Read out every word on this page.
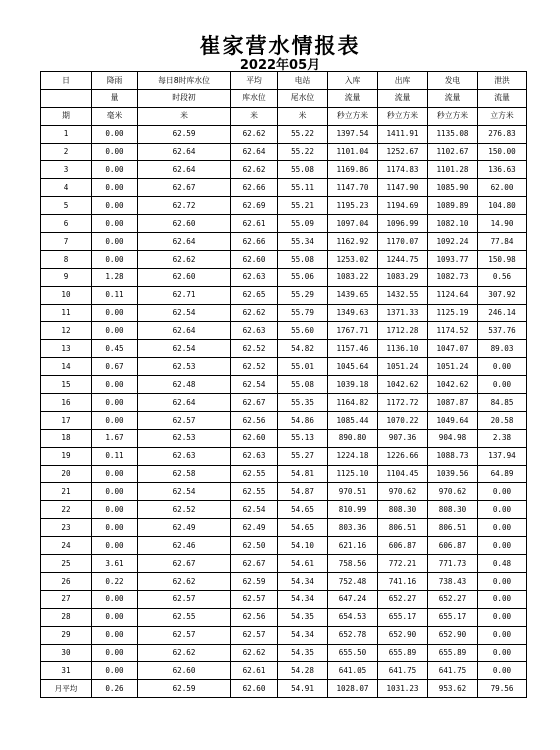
崔家营水情报表
2022年05月
日	降雨	每日8时库水位	平均	电站	入库	出库	发电	泄洪
	量	时段初	库水位	尾水位	流量	流量	流量	流量
期	毫米	米	米	米	秒立方米	秒立方米	秒立方米	立方米
1	0.00	62.59	62.62	55.22	1397.54	1411.91	1135.08	276.83
2	0.00	62.64	62.64	55.22	1101.04	1252.67	1102.67	150.00
3	0.00	62.64	62.62	55.08	1169.86	1174.83	1101.28	136.63
4	0.00	62.67	62.66	55.11	1147.70	1147.90	1085.90	62.00
5	0.00	62.72	62.69	55.21	1195.23	1194.69	1089.89	104.80
6	0.00	62.60	62.61	55.09	1097.04	1096.99	1082.10	14.90
7	0.00	62.64	62.66	55.34	1162.92	1170.07	1092.24	77.84
8	0.00	62.62	62.60	55.08	1253.02	1244.75	1093.77	150.98
9	1.28	62.60	62.63	55.06	1083.22	1083.29	1082.73	0.56
10	0.11	62.71	62.65	55.29	1439.65	1432.55	1124.64	307.92
11	0.00	62.54	62.62	55.79	1349.63	1371.33	1125.19	246.14
12	0.00	62.64	62.63	55.60	1767.71	1712.28	1174.52	537.76
13	0.45	62.54	62.52	54.82	1157.46	1136.10	1047.07	89.03
14	0.67	62.53	62.52	55.01	1045.64	1051.24	1051.24	0.00
15	0.00	62.48	62.54	55.08	1039.18	1042.62	1042.62	0.00
16	0.00	62.64	62.67	55.35	1164.82	1172.72	1087.87	84.85
17	0.00	62.57	62.56	54.86	1085.44	1070.22	1049.64	20.58
18	1.67	62.53	62.60	55.13	890.80	907.36	904.98	2.38
19	0.11	62.63	62.63	55.27	1224.18	1226.66	1088.73	137.94
20	0.00	62.58	62.55	54.81	1125.10	1104.45	1039.56	64.89
21	0.00	62.54	62.55	54.87	970.51	970.62	970.62	0.00
22	0.00	62.52	62.54	54.65	810.99	808.30	808.30	0.00
23	0.00	62.49	62.49	54.65	803.36	806.51	806.51	0.00
24	0.00	62.46	62.50	54.10	621.16	606.87	606.87	0.00
25	3.61	62.67	62.67	54.61	758.56	772.21	771.73	0.48
26	0.22	62.62	62.59	54.34	752.48	741.16	738.43	0.00
27	0.00	62.57	62.57	54.34	647.24	652.27	652.27	0.00
28	0.00	62.55	62.56	54.35	654.53	655.17	655.17	0.00
29	0.00	62.57	62.57	54.34	652.78	652.90	652.90	0.00
30	0.00	62.62	62.62	54.35	655.50	655.89	655.89	0.00
31	0.00	62.60	62.61	54.28	641.05	641.75	641.75	0.00
月平均	0.26	62.59	62.60	54.91	1028.07	1031.23	953.62	79.56
